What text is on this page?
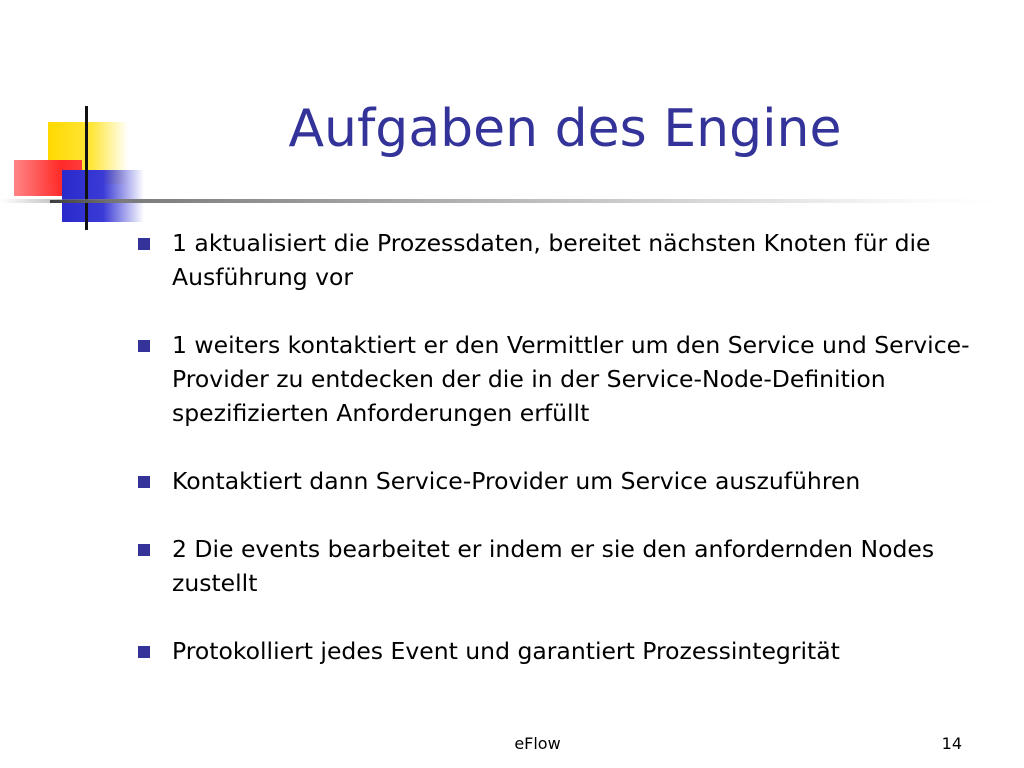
Aufgaben des Engine
1 aktualisiert die Prozessdaten, bereitet nächsten Knoten für die Ausführung vor
1 weiters kontaktiert er den Vermittler um den Service und Service-Provider zu entdecken der die in der Service-Node-Definition spezifizierten Anforderungen erfüllt
Kontaktiert dann Service-Provider um Service auszuführen
2 Die events bearbeitet er indem er sie den anfordernden Nodes zustellt
Protokolliert jedes Event und garantiert Prozessintegrität
eFlow	14
